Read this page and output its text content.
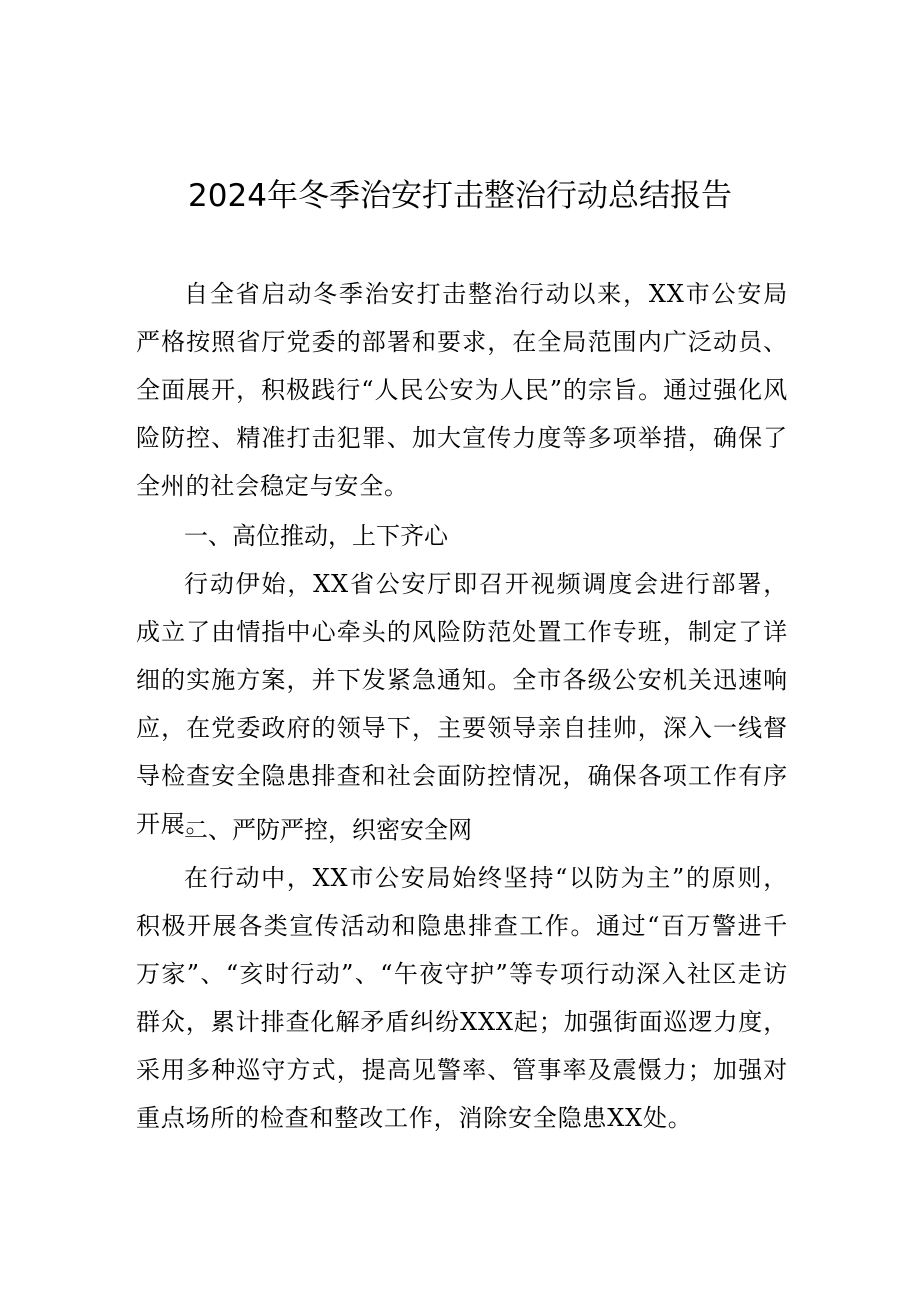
2024年冬季治安打击整治行动总结报告

自全省启动冬季治安打击整治行动以来，XX市公安局严格按照省厅党委的部署和要求，在全局范围内广泛动员、全面展开，积极践行“人民公安为人民”的宗旨。通过强化风险防控、精准打击犯罪、加大宣传力度等多项举措，确保了全州的社会稳定与安全。

一、高位推动，上下齐心

行动伊始，XX省公安厅即召开视频调度会进行部署，成立了由情指中心牵头的风险防范处置工作专班，制定了详细的实施方案，并下发紧急通知。全市各级公安机关迅速响应，在党委政府的领导下，主要领导亲自挂帅，深入一线督导检查安全隐患排查和社会面防控情况，确保各项工作有序开展。

二、严防严控，织密安全网

在行动中，XX市公安局始终坚持“以防为主”的原则，积极开展各类宣传活动和隐患排查工作。通过“百万警进千万家”、“亥时行动”、“午夜守护”等专项行动深入社区走访群众，累计排查化解矛盾纠纷XXX起；加强街面巡逻力度，采用多种巡守方式，提高见警率、管事率及震慑力；加强对重点场所的检查和整改工作，消除安全隐患XX处。
